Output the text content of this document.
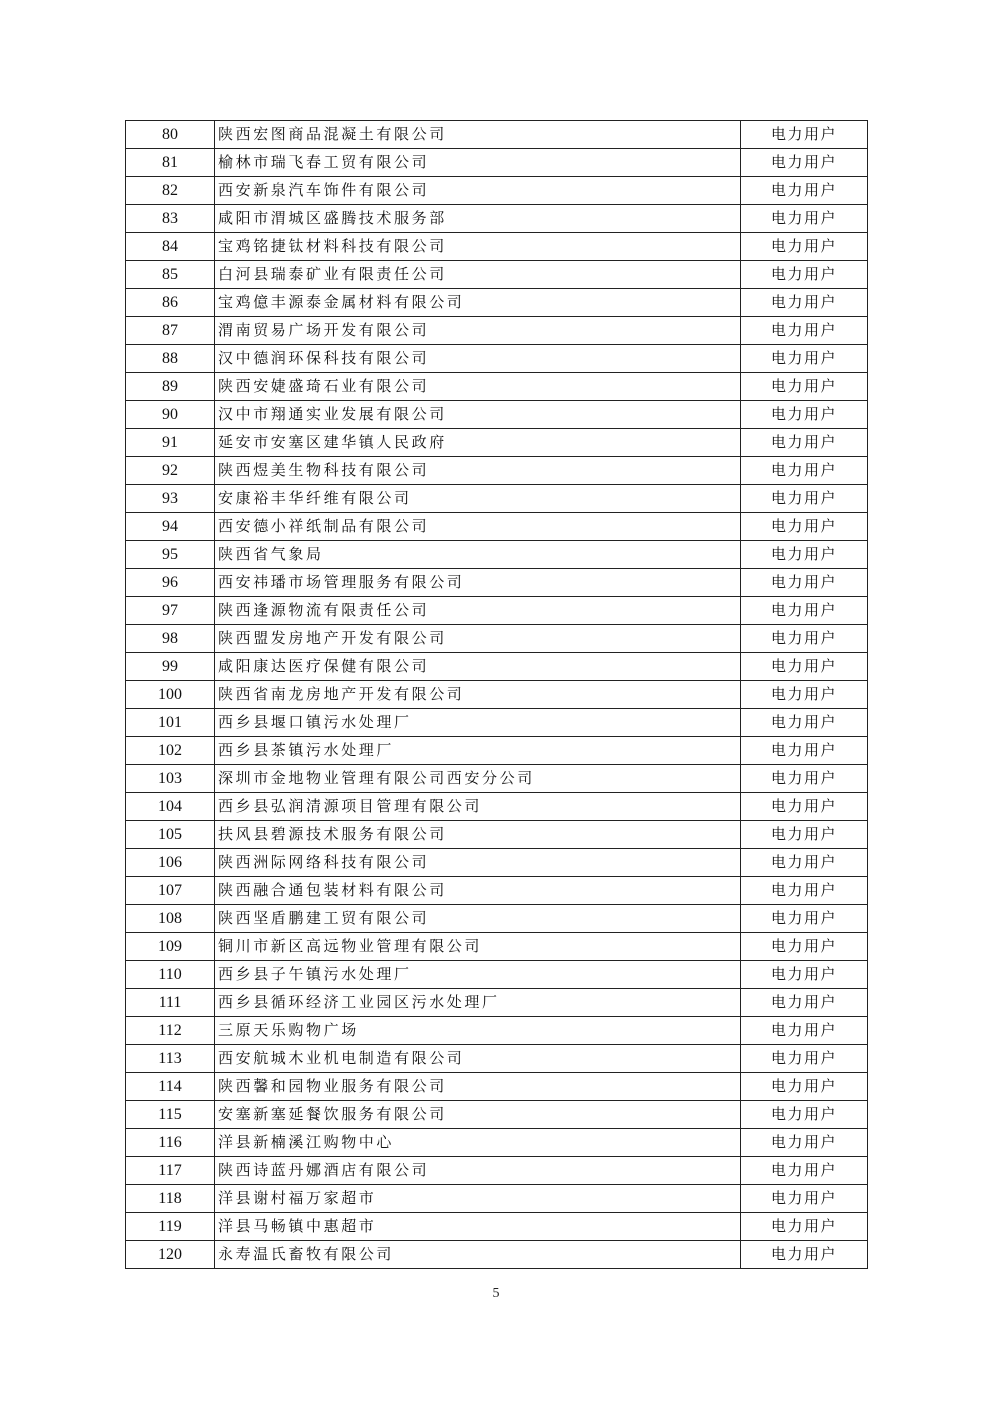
80	陕西宏图商品混凝土有限公司	电力用户
81	榆林市瑞飞春工贸有限公司	电力用户
82	西安新泉汽车饰件有限公司	电力用户
83	咸阳市渭城区盛腾技术服务部	电力用户
84	宝鸡铭捷钛材料科技有限公司	电力用户
85	白河县瑞泰矿业有限责任公司	电力用户
86	宝鸡億丰源泰金属材料有限公司	电力用户
87	渭南贸易广场开发有限公司	电力用户
88	汉中德润环保科技有限公司	电力用户
89	陕西安婕盛琦石业有限公司	电力用户
90	汉中市翔通实业发展有限公司	电力用户
91	延安市安塞区建华镇人民政府	电力用户
92	陕西煜美生物科技有限公司	电力用户
93	安康裕丰华纤维有限公司	电力用户
94	西安德小祥纸制品有限公司	电力用户
95	陕西省气象局	电力用户
96	西安祎璠市场管理服务有限公司	电力用户
97	陕西逢源物流有限责任公司	电力用户
98	陕西盟发房地产开发有限公司	电力用户
99	咸阳康达医疗保健有限公司	电力用户
100	陕西省南龙房地产开发有限公司	电力用户
101	西乡县堰口镇污水处理厂	电力用户
102	西乡县茶镇污水处理厂	电力用户
103	深圳市金地物业管理有限公司西安分公司	电力用户
104	西乡县弘润清源项目管理有限公司	电力用户
105	扶风县碧源技术服务有限公司	电力用户
106	陕西洲际网络科技有限公司	电力用户
107	陕西融合通包装材料有限公司	电力用户
108	陕西坚盾鹏建工贸有限公司	电力用户
109	铜川市新区高远物业管理有限公司	电力用户
110	西乡县子午镇污水处理厂	电力用户
111	西乡县循环经济工业园区污水处理厂	电力用户
112	三原天乐购物广场	电力用户
113	西安航城木业机电制造有限公司	电力用户
114	陕西馨和园物业服务有限公司	电力用户
115	安塞新塞延餐饮服务有限公司	电力用户
116	洋县新楠溪江购物中心	电力用户
117	陕西诗蓝丹娜酒店有限公司	电力用户
118	洋县谢村福万家超市	电力用户
119	洋县马畅镇中惠超市	电力用户
120	永寿温氏畜牧有限公司	电力用户
5
